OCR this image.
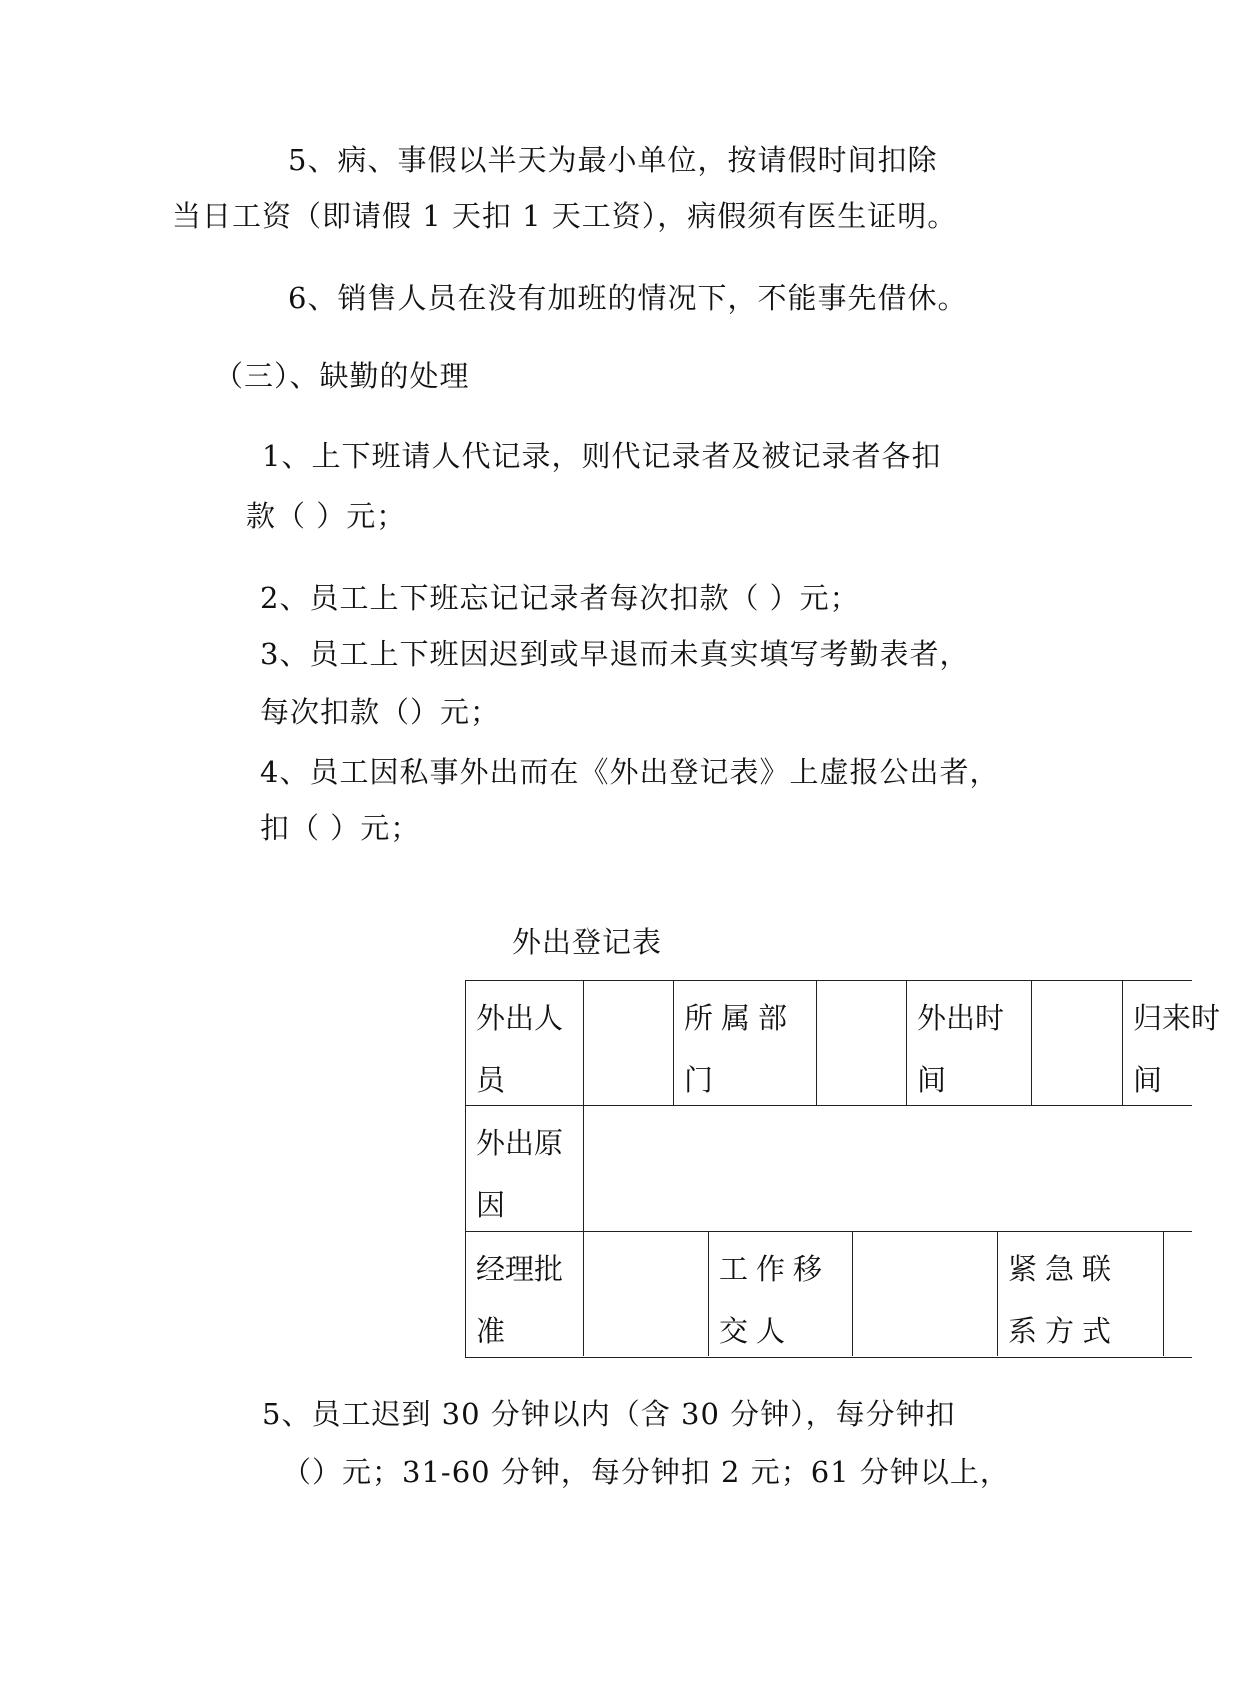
5、病、事假以半天为最小单位，按请假时间扣除
当日工资（即请假 1 天扣 1 天工资），病假须有医生证明。
6、销售人员在没有加班的情况下，不能事先借休。
（三）、缺勤的处理
1、上下班请人代记录，则代记录者及被记录者各扣
款（ ）元；
2、员工上下班忘记记录者每次扣款（ ）元；
3、员工上下班因迟到或早退而未真实填写考勤表者，
每次扣款（）元；
4、员工因私事外出而在《外出登记表》上虚报公出者，
扣（ ）元；
外出登记表
外出人员
所属部门
外出时间
归来时间
外出原因
经理批准
工作移交人
紧急联系方式
5、员工迟到 30 分钟以内（含 30 分钟），每分钟扣
（）元；31-60 分钟，每分钟扣 2 元；61 分钟以上，
